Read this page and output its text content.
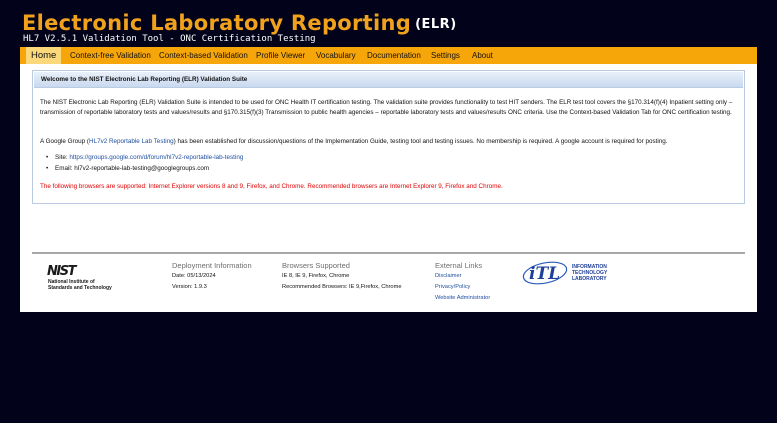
Electronic Laboratory Reporting (ELR)
HL7 V2.5.1 Validation Tool - ONC Certification Testing
Home	Context-free Validation Context-based Validation Profile Viewer Vocabulary Documentation Settings About
Welcome to the NIST Electronic Lab Reporting (ELR) Validation Suite
The NIST Electronic Lab Reporting (ELR) Validation Suite is intended to be used for ONC Health IT certification testing. The validation suite provides functionality to test HIT senders. The ELR test tool covers the §170.314(f)(4) Inpatient setting only – transmission of reportable laboratory tests and values/results and §170.315(f)(3) Transmission to public health agencies – reportable laboratory tests and values/results ONC criteria. Use the Context-based Validation Tab for ONC certification testing.
A Google Group (HL7v2 Reportable Lab Testing) has been established for discussion/questions of the Implementation Guide, testing tool and testing issues. No membership is required. A google account is required for posting.
• Site: https://groups.google.com/d/forum/hl7v2-reportable-lab-testing
• Email: hl7v2-reportable-lab-testing@googlegroups.com
The following browsers are supported: Internet Explorer versions 8 and 9, Firefox, and Chrome. Recommended browsers are Internet Explorer 9, Firefox and Chrome.
NIST
National Institute of
Standards and Technology
Deployment Information
Date: 05/13/2024
Version: 1.9.3
Browsers Supported
IE 8, IE 9, Firefox, Chrome
Recommended Browsers: IE 9,Firefox, Chrome
External Links
Disclaimer
Privacy/Policy
Website Administrator
iTL INFORMATION
TECHNOLOGY
LABORATORY
